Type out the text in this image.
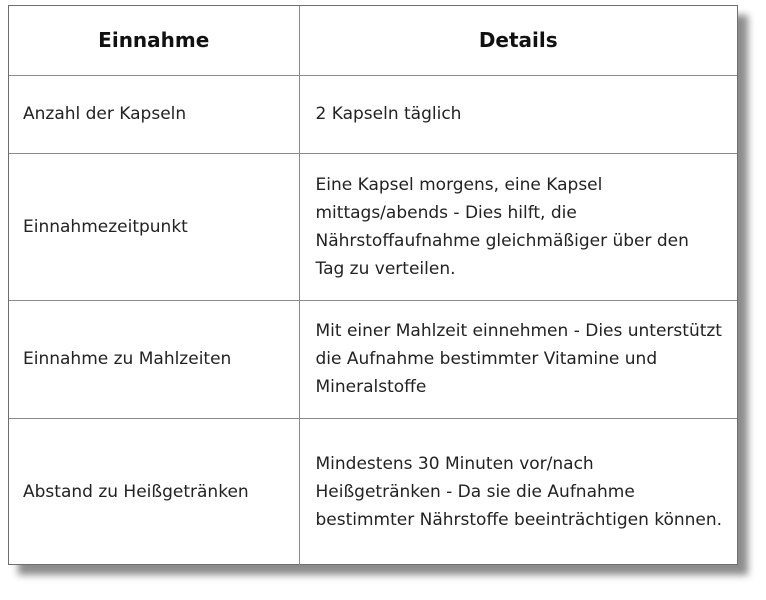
Einnahme	Details
Anzahl der Kapseln	2 Kapseln täglich
Einnahmezeitpunkt	Eine Kapsel morgens, eine Kapsel mittags/abends - Dies hilft, die Nährstoffaufnahme gleichmäßiger über den Tag zu verteilen.
Einnahme zu Mahlzeiten	Mit einer Mahlzeit einnehmen - Dies unterstützt die Aufnahme bestimmter Vitamine und Mineralstoffe
Abstand zu Heißgetränken	Mindestens 30 Minuten vor/nach Heißgetränken - Da sie die Aufnahme bestimmter Nährstoffe beeinträchtigen können.
